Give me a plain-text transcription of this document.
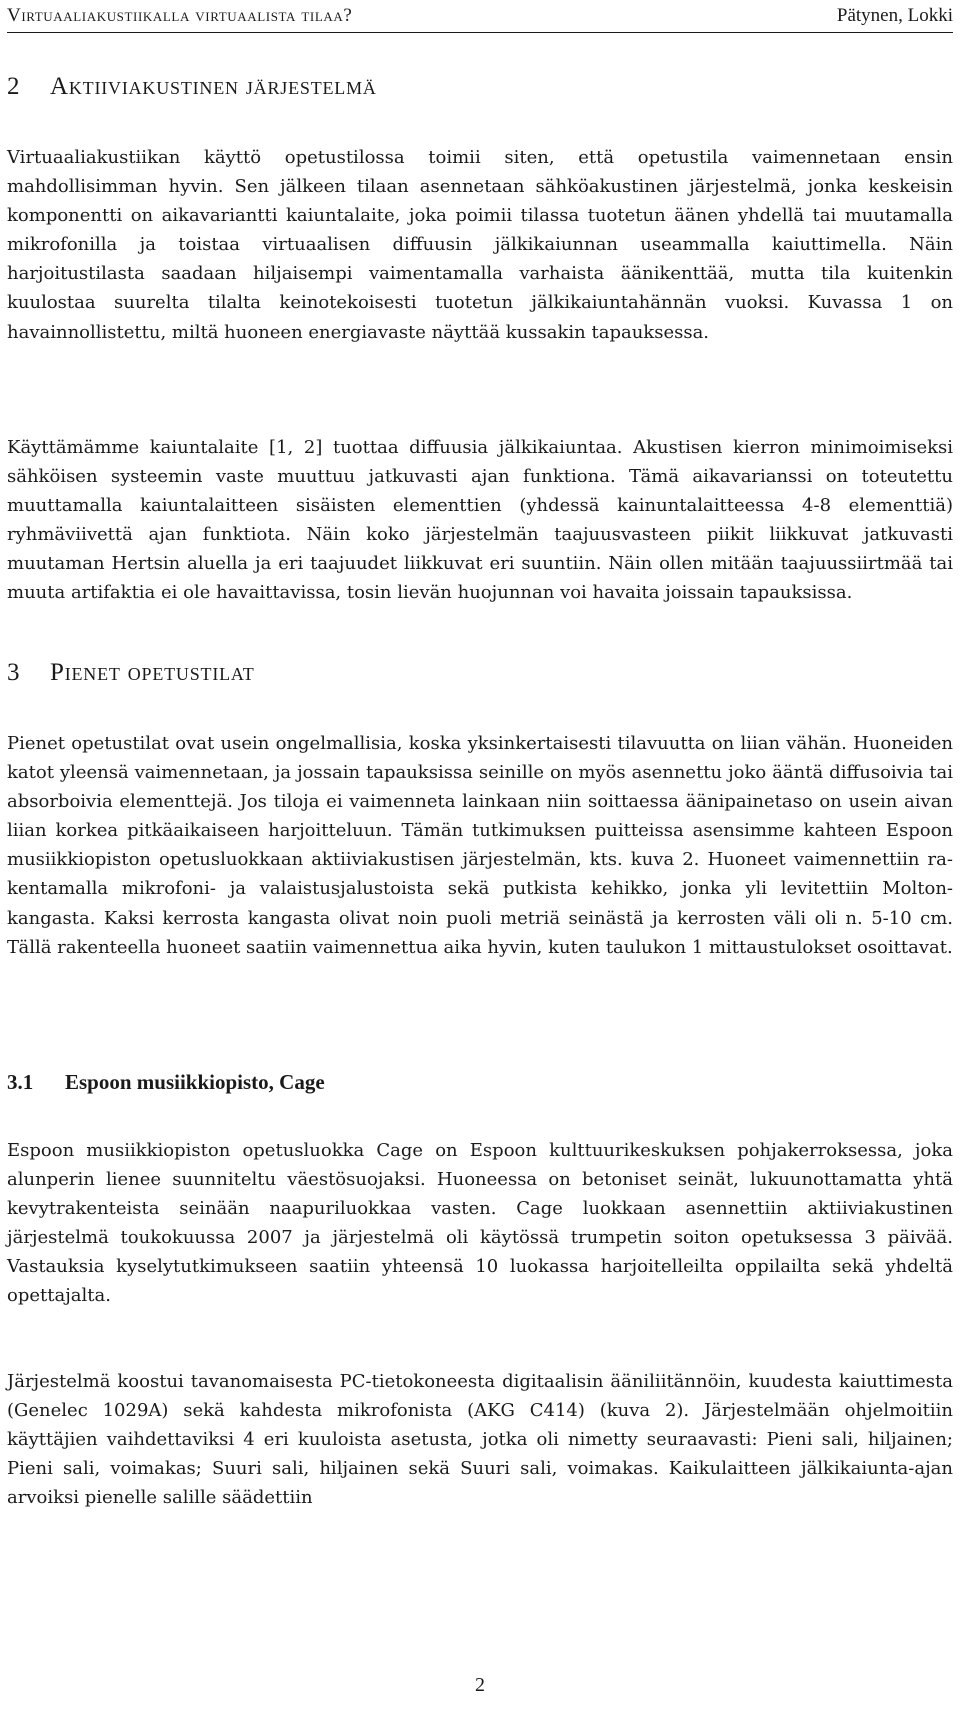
Virtuaaliakustiikalla virtuaalista tilaa?	Pätynen, Lokki
2 Aktiiviakustinen järjestelmä

Virtuaaliakustiikan käyttö opetustilossa toimii siten, että opetustila vaimennetaan ensin mahdollisimman hyvin. Sen jälkeen tilaan asennetaan sähköakustinen järjestelmä, jonka keskeisin komponentti on aikavariantti kaiuntalaite, joka poimii tilassa tuotetun äänen yhdellä tai muutamalla mikrofonilla ja toistaa virtuaalisen diffuusin jälkikaiunnan useammalla kaiuttimella. Näin harjoitustilasta saadaan hiljaisempi vaimentamalla varhaista äänikenttää, mutta tila kuitenkin kuulostaa suurelta tilalta keinotekoisesti tuotetun jälkikaiuntahännän vuoksi. Kuvassa 1 on havainnollistettu, miltä huoneen energiavaste näyttää kussakin tapauksessa.

Käyttämämme kaiuntalaite [1, 2] tuottaa diffuusia jälkikaiuntaa. Akustisen kierron minimoimiseksi sähköisen systeemin vaste muuttuu jatkuvasti ajan funktiona. Tämä aikavarianssi on toteutettu muuttamalla kaiuntalaitteen sisäisten elementtien (yhdessä kainuntalaitteessa 4-8 elementtiä) ryhmäviivettä ajan funktiota. Näin koko järjestelmän taajuusvasteen piikit liikkuvat jatkuvasti muutaman Hertsin aluella ja eri taajuudet liikkuvat eri suuntiin. Näin ollen mitään taajuussiirtmää tai muuta artifaktia ei ole havaittavissa, tosin lievän huojunnan voi havaita joissain tapauksissa.

3 Pienet opetustilat

Pienet opetustilat ovat usein ongelmallisia, koska yksinkertaisesti tilavuutta on liian vähän. Huoneiden katot yleensä vaimennetaan, ja jossain tapauksissa seinille on myös asennettu joko ääntä diffusoivia tai absorboivia elementtejä. Jos tiloja ei vaimenneta lainkaan niin soittaessa äänipainetaso on usein aivan liian korkea pitkäaikaiseen harjoitteluun. Tämän tutkimuksen puitteissa asensimme kahteen Espoon musiikkiopiston opetusluokkaan aktiiviakustisen järjestelmän, kts. kuva 2. Huoneet vaimennettiin rakentamalla mikrofoni- ja valaistusjalustoista sekä putkista kehikko, jonka yli levitettiin Molton-kangasta. Kaksi kerrosta kangasta olivat noin puoli metriä seinästä ja kerrosten väli oli n. 5-10 cm. Tällä rakenteella huoneet saatiin vaimennettua aika hyvin, kuten taulukon 1 mittaustulokset osoittavat.

3.1 Espoon musiikkiopisto, Cage

Espoon musiikkiopiston opetusluokka Cage on Espoon kulttuurikeskuksen pohjakerroksessa, joka alunperin lienee suunniteltu väestösuojaksi. Huoneessa on betoniset seinät, lukuunottamatta yhtä kevytrakenteista seinään naapuriluokkaa vasten. Cage luokkaan asennettiin aktiiviakustinen järjestelmä toukokuussa 2007 ja järjestelmä oli käytössä trumpetin soiton opetuksessa 3 päivää. Vastauksia kyselytutkimukseen saatiin yhteensä 10 luokassa harjoitelleilta oppilailta sekä yhdeltä opettajalta.

Järjestelmä koostui tavanomaisesta PC-tietokoneesta digitaalisin ääniliitännöin, kuudesta kaiuttimesta (Genelec 1029A) sekä kahdesta mikrofonista (AKG C414) (kuva 2). Järjestelmään ohjelmoitiin käyttäjien vaihdettaviksi 4 eri kuuloista asetusta, jotka oli nimetty seuraavasti: Pieni sali, hiljainen; Pieni sali, voimakas; Suuri sali, hiljainen sekä Suuri sali, voimakas. Kaikulaitteen jälkikaiunta-ajan arvoiksi pienelle salille säädettiin

2
